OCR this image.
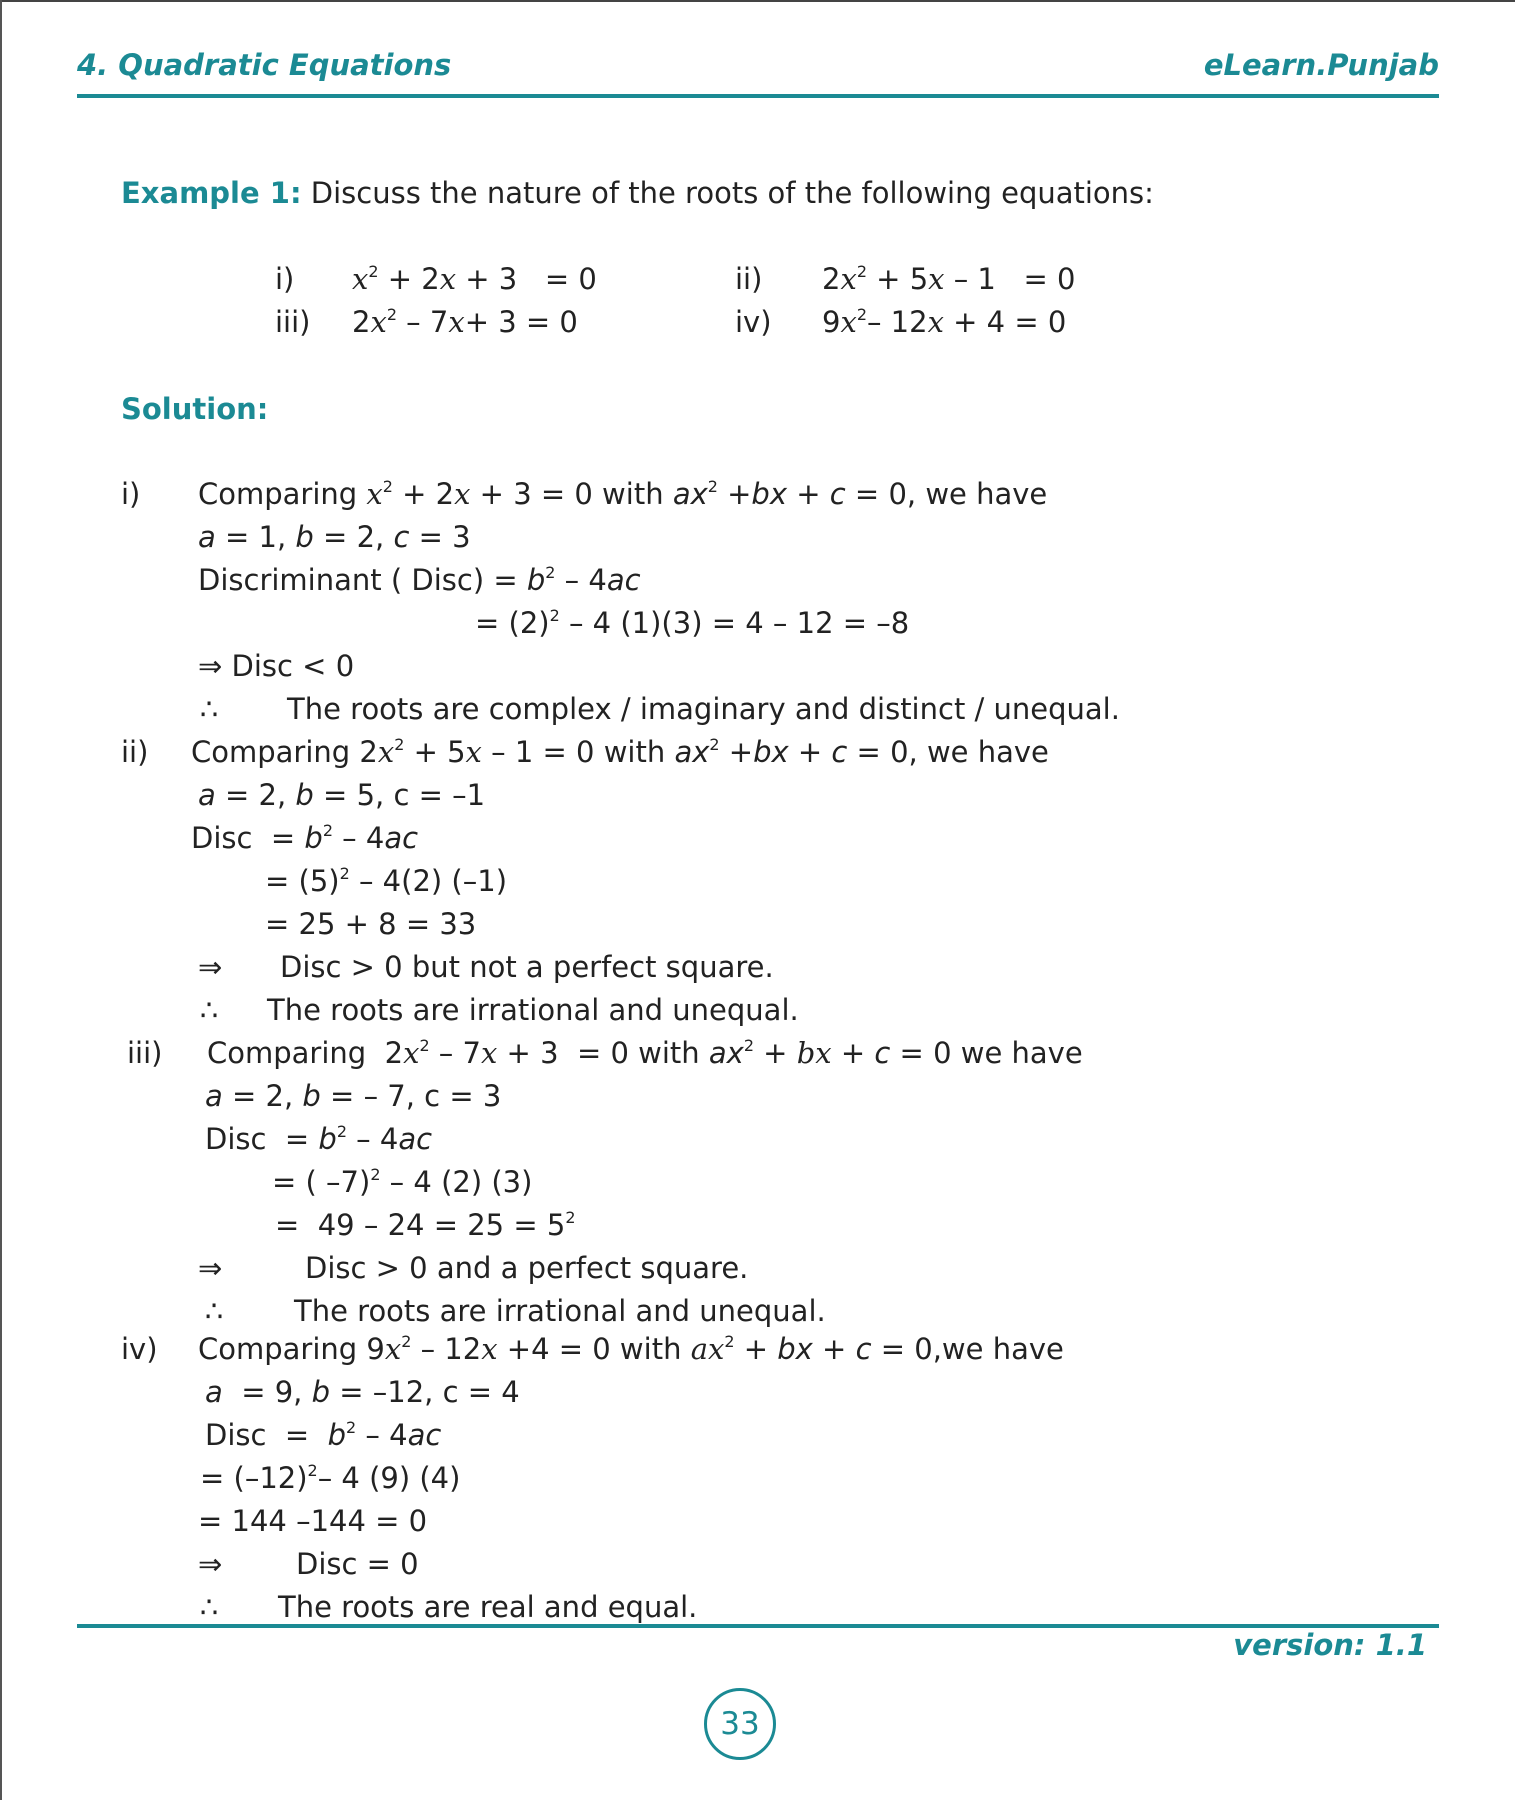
4. Quadratic Equations	eLearn.Punjab
Example 1: Discuss the nature of the roots of the following equations:
i) $x^2 + 2x + 3 = 0$	ii) $2x^2 + 5x - 1 = 0$
iii) $2x^2 - 7x+ 3 = 0$	iv) $9x^2-$ 12x + 4 = 0
Solution:
i) Comparing $x^2 + 2x + 3 = 0$ with $ax^2 +bx + c = 0$, we have
a = 1, b = 2, c = 3
Discriminant ( Disc) = $b^2 - 4ac$
= $(2)^2 - 4$ (1)(3) = 4 – 12 = –8
⇒ Disc < 0
∴ The roots are complex / imaginary and distinct / unequal.
ii) Comparing $2x^2 + 5x - 1 = 0$ with $ax^2 +bx + c = 0$, we have
a = 2, b = 5, c = –1
Disc  = $b^2 - 4ac$
= $(5)^2 - 4(2)$ (–1)
= 25 + 8 = 33
⇒ Disc > 0 but not a perfect square.
∴ The roots are irrational and unequal.
iii) Comparing  $2x^2 - 7x + 3 = 0$ with $ax^2$ + bx + c = 0 we have
a = 2, b = – 7, c = 3
Disc  = $b^2 - 4ac$
= ( –7)$^2$ – 4 (2) (3)
=  $49 - 24 = 25 = 5^2$
⇒	Disc > 0 and a perfect square.
∴ The roots are irrational and unequal.
iv) Comparing $9x^2 - 12x +4 = 0$ with $ax^2$ + bx + c = 0,we have
a  = 9, b = –12, c = 4
Disc  =  $b^2 - 4ac$
= $(-12)^2-$ 4 (9) (4)
= 144 –144 = 0
⇒	Disc = 0
∴ The roots are real and equal.
version: 1.1
33
